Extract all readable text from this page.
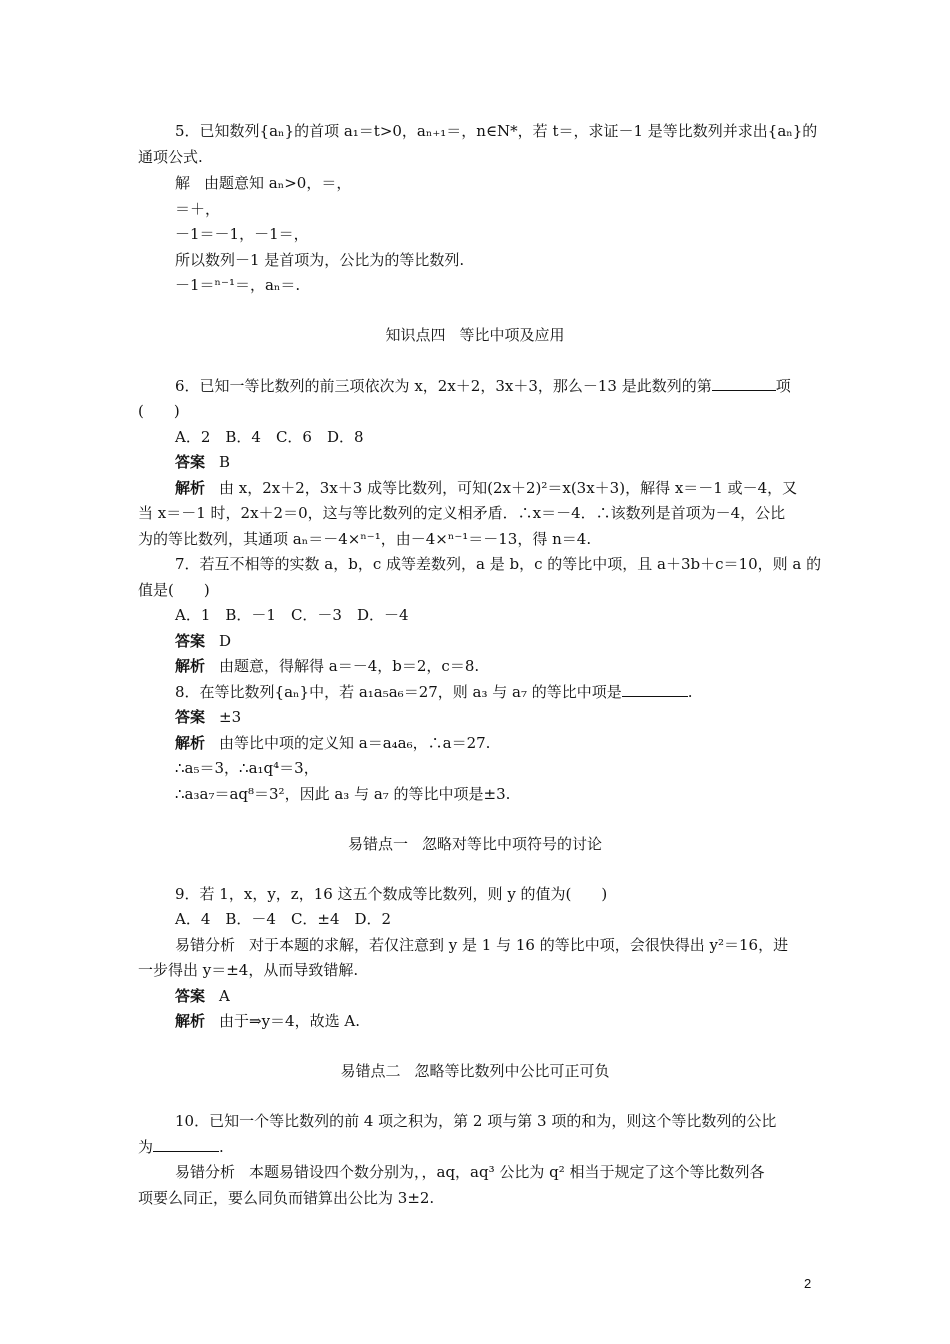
5．已知数列{aₙ}的首项 a₁＝t>0，aₙ₊₁＝，n∈N*，若 t＝，求证－1 是等比数列并求出{aₙ}的
通项公式.
解 由题意知 aₙ>0，＝，
＝＋，
－1＝－1，－1＝，
所以数列－1 是首项为，公比为的等比数列.
－1＝ⁿ⁻¹＝，aₙ＝.
知识点四 等比中项及应用
6．已知一等比数列的前三项依次为 x，2x＋2，3x＋3，那么－13 是此数列的第	项
(　　)
A．2　B．4　C．6　D．8
答案 B
解析 由 x，2x＋2，3x＋3 成等比数列，可知(2x＋2)²＝x(3x＋3)，解得 x＝－1 或－4，又
当 x＝－1 时，2x＋2＝0，这与等比数列的定义相矛盾．∴x＝－4．∴该数列是首项为－4，公比
为的等比数列，其通项 aₙ＝－4×ⁿ⁻¹，由－4×ⁿ⁻¹＝－13，得 n＝4.
7．若互不相等的实数 a，b，c 成等差数列，a 是 b，c 的等比中项，且 a＋3b＋c＝10，则 a 的
值是(　　)
A．1　B．－1　C．－3　D．－4
答案 D
解析 由题意，得解得 a＝－4，b＝2，c＝8.
8．在等比数列{aₙ}中，若 a₁a₅a₆＝27，则 a₃ 与 a₇ 的等比中项是	.
答案 ±3
解析 由等比中项的定义知 a＝a₄a₆，∴a＝27.
∴a₅＝3，∴a₁q⁴＝3，
∴a₃a₇＝aq⁸＝3²，因此 a₃ 与 a₇ 的等比中项是±3.
易错点一 忽略对等比中项符号的讨论
9．若 1，x，y，z，16 这五个数成等比数列，则 y 的值为(　　)
A．4　B．－4　C．±4　D．2
易错分析 对于本题的求解，若仅注意到 y 是 1 与 16 的等比中项，会很快得出 y²＝16，进
一步得出 y＝±4，从而导致错解.
答案 A
解析 由于⇒y＝4，故选 A.
易错点二 忽略等比数列中公比可正可负
10．已知一个等比数列的前 4 项之积为，第 2 项与第 3 项的和为，则这个等比数列的公比
为	.
易错分析 本题易错设四个数分别为，，aq，aq³ 公比为 q² 相当于规定了这个等比数列各
项要么同正，要么同负而错算出公比为 3±2.
2
